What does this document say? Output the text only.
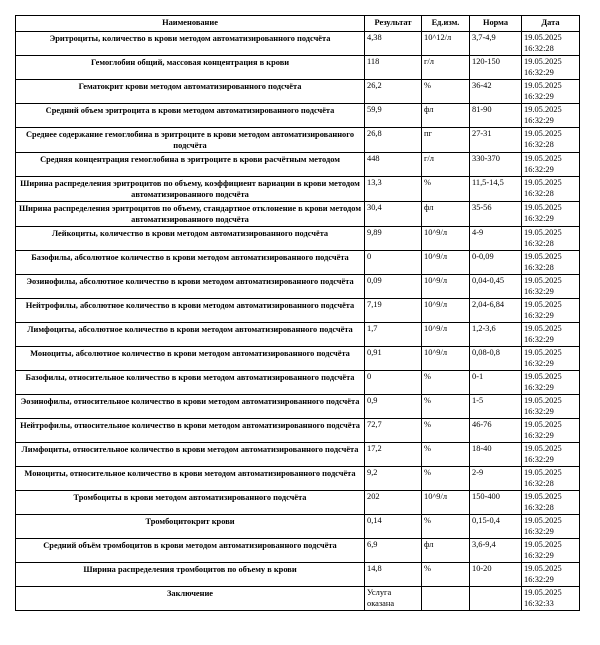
Наименование	Результат	Ед.изм.	Норма	Дата

Эритроциты, количество в крови методом автоматизированного подсчёта	4,38	10^12/л	3,7-4,9	19.05.2025
16:32:28

Гемоглобин общий, массовая концентрация в крови	118	г/л	120-150	19.05.2025
16:32:29

Гематокрит крови методом автоматизированного подсчёта	26,2	%	36-42	19.05.2025
16:32:29

Средний объем эритроцита в крови методом автоматизированного подсчёта	59,9	фл	81-90	19.05.2025
16:32:29

Среднее содержание гемоглобина в эритроците в крови методом автоматизированного подсчёта	26,8	пг	27-31	19.05.2025
16:32:28

Средняя концентрация гемоглобина в эритроците в крови расчётным методом	448	г/л	330-370	19.05.2025
16:32:29

Ширина распределения эритроцитов по объему, коэффициент вариации в крови методом автоматизированного подсчёта	13,3	%	11,5-14,5	19.05.2025
16:32:28

Ширина распределения эритроцитов по объему, стандартное отклонение в крови методом автоматизированного подсчёта	30,4	фл	35-56	19.05.2025
16:32:29

Лейкоциты, количество в крови методом автоматизированного подсчёта	9,89	10^9/л	4-9	19.05.2025
16:32:28

Базофилы, абсолютное количество в крови методом автоматизированного подсчёта	0	10^9/л	0-0,09	19.05.2025
16:32:28

Эозинофилы, абсолютное количество в крови методом автоматизированного подсчёта	0,09	10^9/л	0,04-0,45	19.05.2025
16:32:29

Нейтрофилы, абсолютное количество в крови методом автоматизированного подсчёта	7,19	10^9/л	2,04-6,84	19.05.2025
16:32:29

Лимфоциты, абсолютное количество в крови методом автоматизированного подсчёта	1,7	10^9/л	1,2-3,6	19.05.2025
16:32:29

Моноциты, абсолютное количество в крови методом автоматизированного подсчёта	0,91	10^9/л	0,08-0,8	19.05.2025
16:32:29

Базофилы, относительное количество в крови методом автоматизированного подсчёта	0	%	0-1	19.05.2025
16:32:29

Эозинофилы, относительное количество в крови методом автоматизированного подсчёта	0,9	%	1-5	19.05.2025
16:32:29

Нейтрофилы, относительное количество в крови методом автоматизированного подсчёта	72,7	%	46-76	19.05.2025
16:32:29

Лимфоциты, относительное количество в крови методом автоматизированного подсчёта	17,2	%	18-40	19.05.2025
16:32:29

Моноциты, относительное количество в крови методом автоматизированного подсчёта	9,2	%	2-9	19.05.2025
16:32:28

Тромбоциты в крови методом автоматизированного подсчёта	202	10^9/л	150-400	19.05.2025
16:32:28

Тромбоцитокрит крови	0,14	%	0,15-0,4	19.05.2025
16:32:29

Средний объём тромбоцитов в крови методом автоматизированного подсчёта	6,9	фл	3,6-9,4	19.05.2025
16:32:29

Ширина распределения тромбоцитов по объему в крови	14,8	%	10-20	19.05.2025
16:32:29

Заключение	Услуга оказана			19.05.2025
16:32:33
